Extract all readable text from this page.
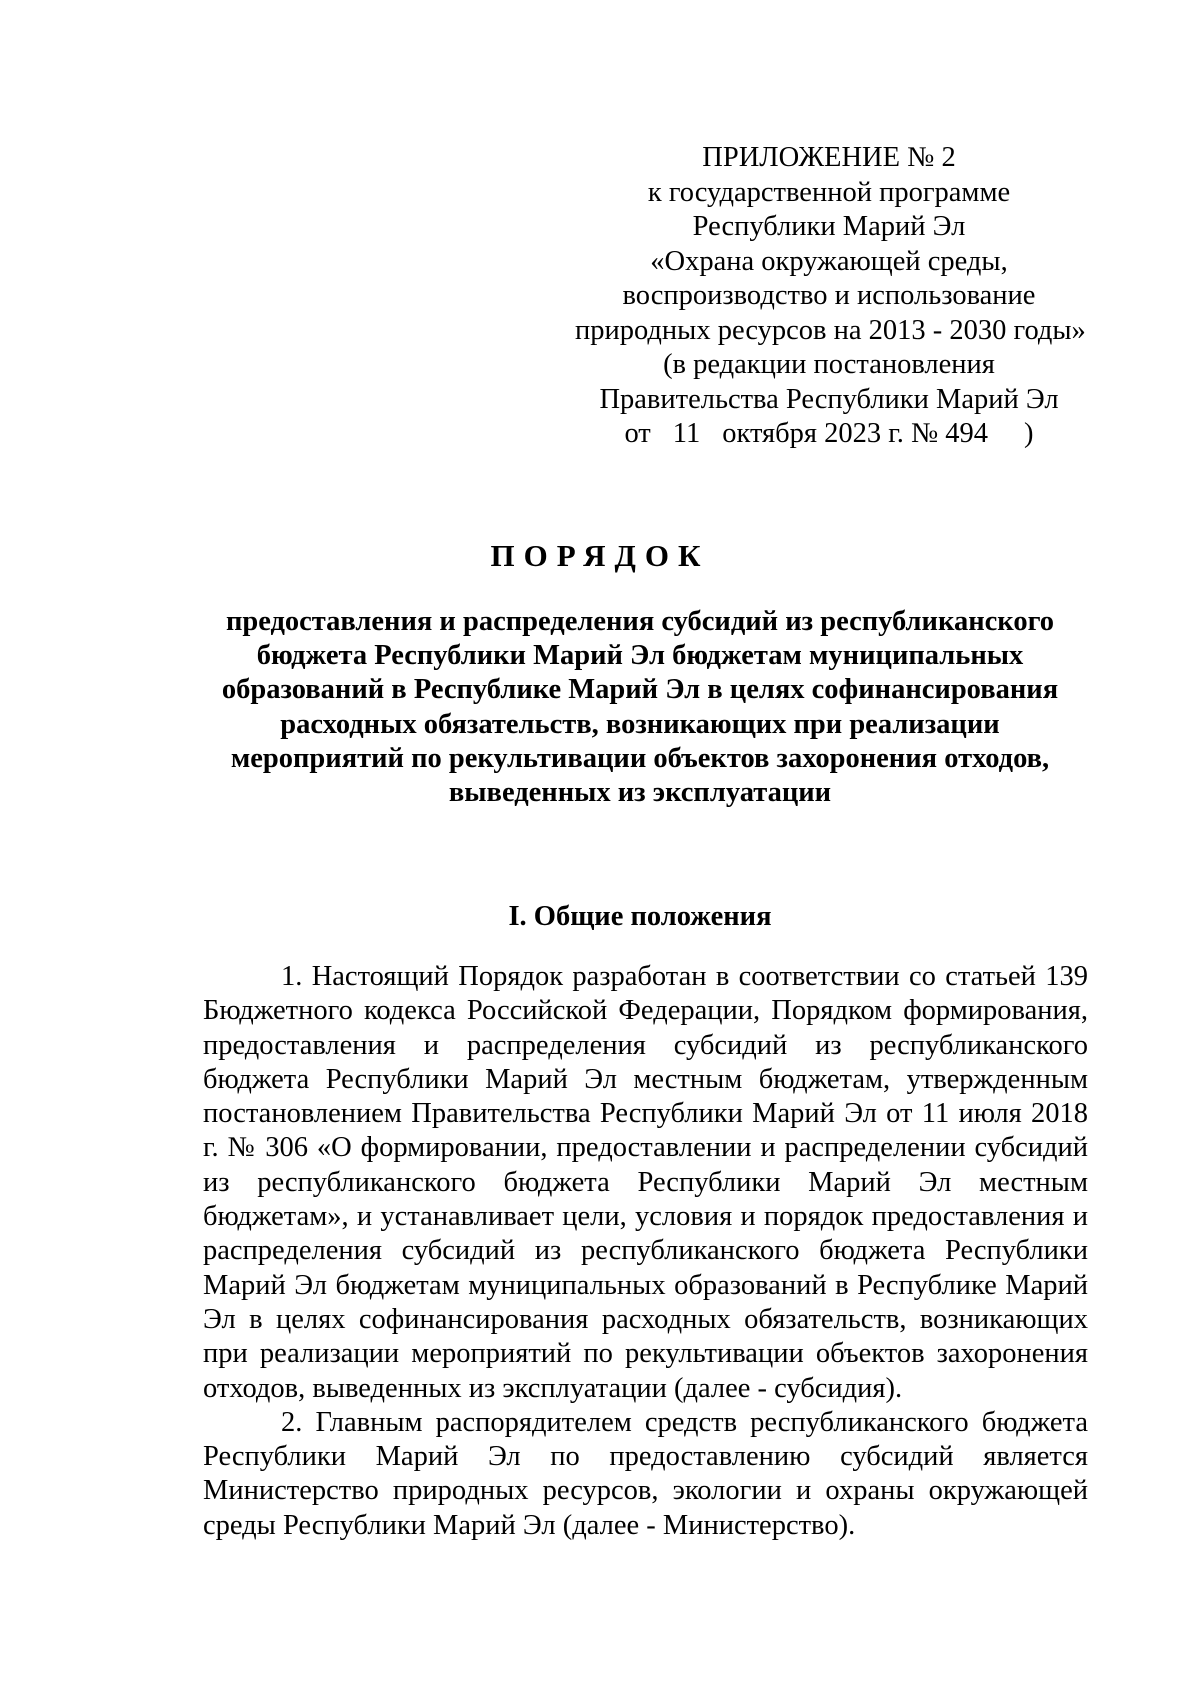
ПРИЛОЖЕНИЕ № 2
к государственной программе
Республики Марий Эл
«Охрана окружающей среды,
воспроизводство и использование
природных ресурсов на 2013 - 2030 годы»
(в редакции постановления
Правительства Республики Марий Эл
от 11 октября 2023 г. № 494 )
ПОРЯДОК
предоставления и распределения субсидий из республиканского
бюджета Республики Марий Эл бюджетам муниципальных
образований в Республике Марий Эл в целях софинансирования
расходных обязательств, возникающих при реализации
мероприятий по рекультивации объектов захоронения отходов,
выведенных из эксплуатации
I. Общие положения

1. Настоящий Порядок разработан в соответствии со статьей 139 Бюджетного кодекса Российской Федерации, Порядком формирования, предоставления и распределения субсидий из республиканского бюджета Республики Марий Эл местным бюджетам, утвержденным постановлением Правительства Республики Марий Эл от 11 июля 2018 г. № 306 «О формировании, предоставлении и распределении субсидий из республиканского бюджета Республики Марий Эл местным бюджетам», и устанавливает цели, условия и порядок предоставления и распределения субсидий из республиканского бюджета Республики Марий Эл бюджетам муниципальных образований в Республике Марий Эл в целях софинансирования расходных обязательств, возникающих при реализации мероприятий по рекультивации объектов захоронения отходов, выведенных из эксплуатации (далее - субсидия).

2. Главным распорядителем средств республиканского бюджета Республики Марий Эл по предоставлению субсидий является Министерство природных ресурсов, экологии и охраны окружающей среды Республики Марий Эл (далее - Министерство).
